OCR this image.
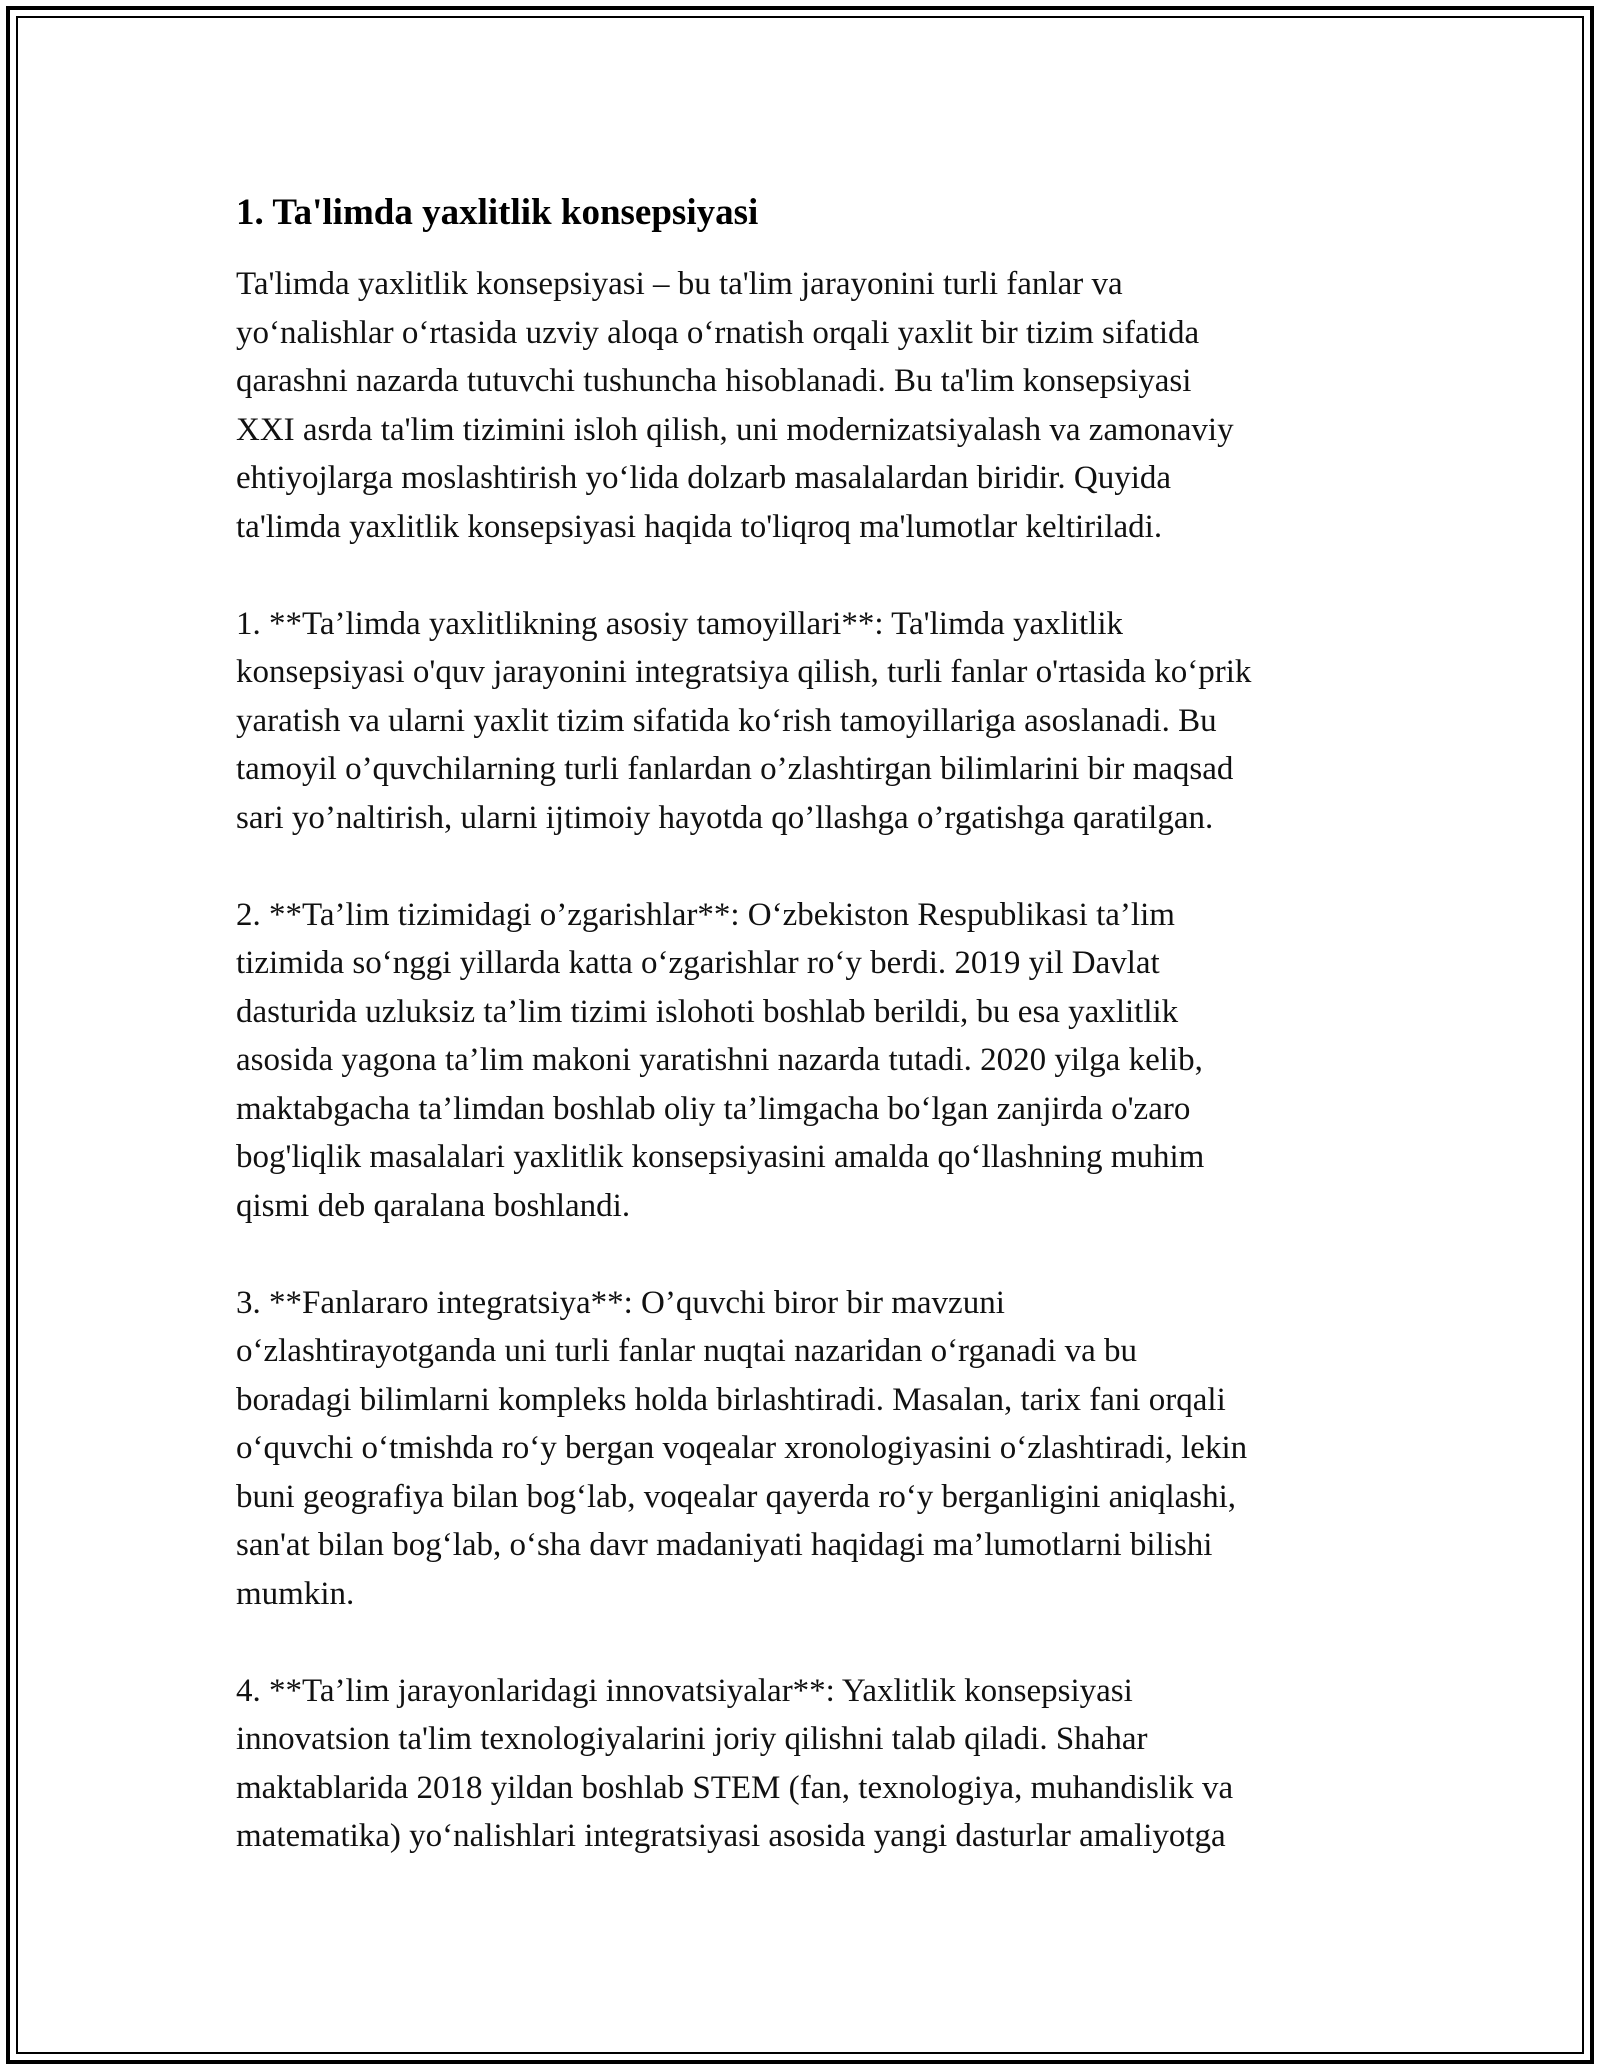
1. Ta'limda yaxlitlik konsepsiyasi

Ta'limda yaxlitlik konsepsiyasi – bu ta'lim jarayonini turli fanlar va
yoʻnalishlar oʻrtasida uzviy aloqa oʻrnatish orqali yaxlit bir tizim sifatida
qarashni nazarda tutuvchi tushuncha hisoblanadi. Bu ta'lim konsepsiyasi
XXI asrda ta'lim tizimini isloh qilish, uni modernizatsiyalash va zamonaviy
ehtiyojlarga moslashtirish yoʻlida dolzarb masalalardan biridir. Quyida
ta'limda yaxlitlik konsepsiyasi haqida to'liqroq ma'lumotlar keltiriladi.

1. **Ta’limda yaxlitlikning asosiy tamoyillari**: Ta'limda yaxlitlik
konsepsiyasi o'quv jarayonini integratsiya qilish, turli fanlar o'rtasida koʻprik
yaratish va ularni yaxlit tizim sifatida koʻrish tamoyillariga asoslanadi. Bu
tamoyil o’quvchilarning turli fanlardan o’zlashtirgan bilimlarini bir maqsad
sari yo’naltirish, ularni ijtimoiy hayotda qo’llashga o’rgatishga qaratilgan.

2. **Ta’lim tizimidagi o’zgarishlar**: Oʻzbekiston Respublikasi ta’lim
tizimida soʻnggi yillarda katta oʻzgarishlar roʻy berdi. 2019 yil Davlat
dasturida uzluksiz ta’lim tizimi islohoti boshlab berildi, bu esa yaxlitlik
asosida yagona ta’lim makoni yaratishni nazarda tutadi. 2020 yilga kelib,
maktabgacha ta’limdan boshlab oliy ta’limgacha boʻlgan zanjirda o'zaro
bog'liqlik masalalari yaxlitlik konsepsiyasini amalda qoʻllashning muhim
qismi deb qaralana boshlandi.

3. **Fanlararo integratsiya**: O’quvchi biror bir mavzuni
oʻzlashtirayotganda uni turli fanlar nuqtai nazaridan oʻrganadi va bu
boradagi bilimlarni kompleks holda birlashtiradi. Masalan, tarix fani orqali
oʻquvchi oʻtmishda roʻy bergan voqealar xronologiyasini oʻzlashtiradi, lekin
buni geografiya bilan bogʻlab, voqealar qayerda roʻy berganligini aniqlashi,
san'at bilan bogʻlab, oʻsha davr madaniyati haqidagi ma’lumotlarni bilishi
mumkin.

4. **Ta’lim jarayonlaridagi innovatsiyalar**: Yaxlitlik konsepsiyasi
innovatsion ta'lim texnologiyalarini joriy qilishni talab qiladi. Shahar
maktablarida 2018 yildan boshlab STEM (fan, texnologiya, muhandislik va
matematika) yoʻnalishlari integratsiyasi asosida yangi dasturlar amaliyotga
